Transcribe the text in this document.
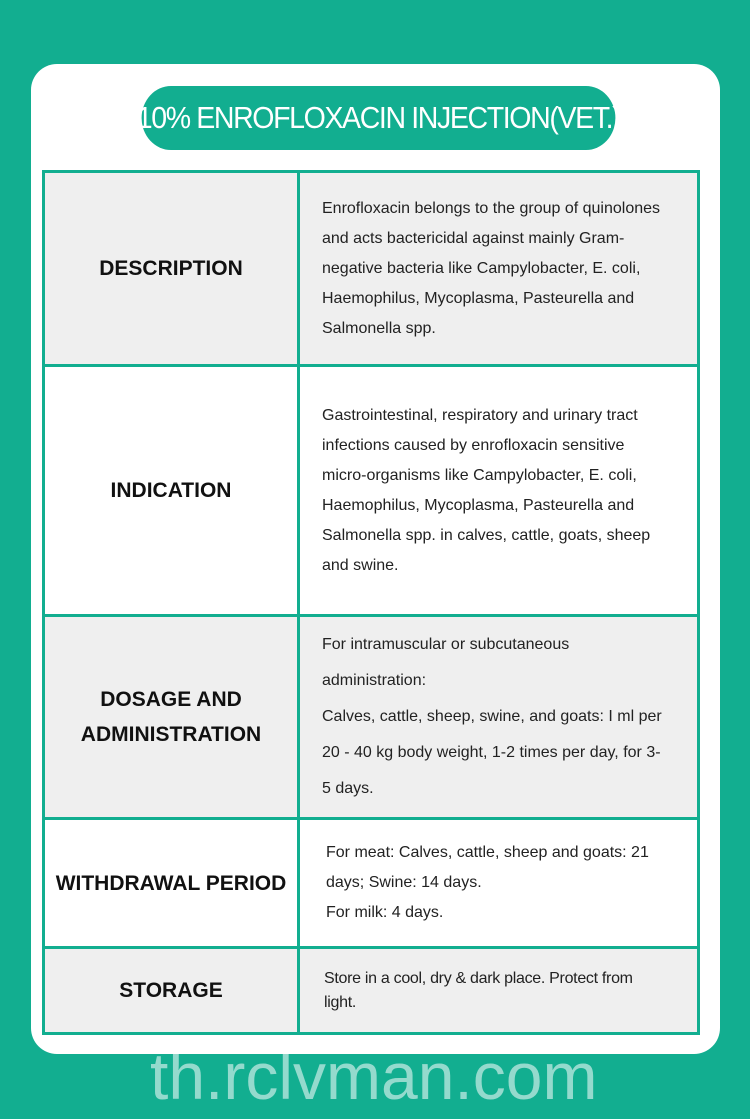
10% ENROFLOXACIN INJECTION(VET.)
DESCRIPTION	Enrofloxacin belongs to the group of quinolones and acts bactericidal against mainly Gram-negative bacteria like Campylobacter, E. coli, Haemophilus, Mycoplasma, Pasteurella and Salmonella spp.

INDICATION	Gastrointestinal, respiratory and urinary tract infections caused by enrofloxacin sensitive micro-organisms like Campylobacter, E. coli, Haemophilus, Mycoplasma, Pasteurella and Salmonella spp. in calves, cattle, goats, sheep and swine.

DOSAGE AND ADMINISTRATION	For intramuscular or subcutaneous administration:
Calves, cattle, sheep, swine, and goats: I ml per 20 - 40 kg body weight, 1-2 times per day, for 3-5 days.

WITHDRAWAL PERIOD	For meat: Calves, cattle, sheep and goats: 21 days; Swine: 14 days.
For milk: 4 days.

STORAGE	Store in a cool, dry & dark place. Protect from light.
th.rclvman.com
